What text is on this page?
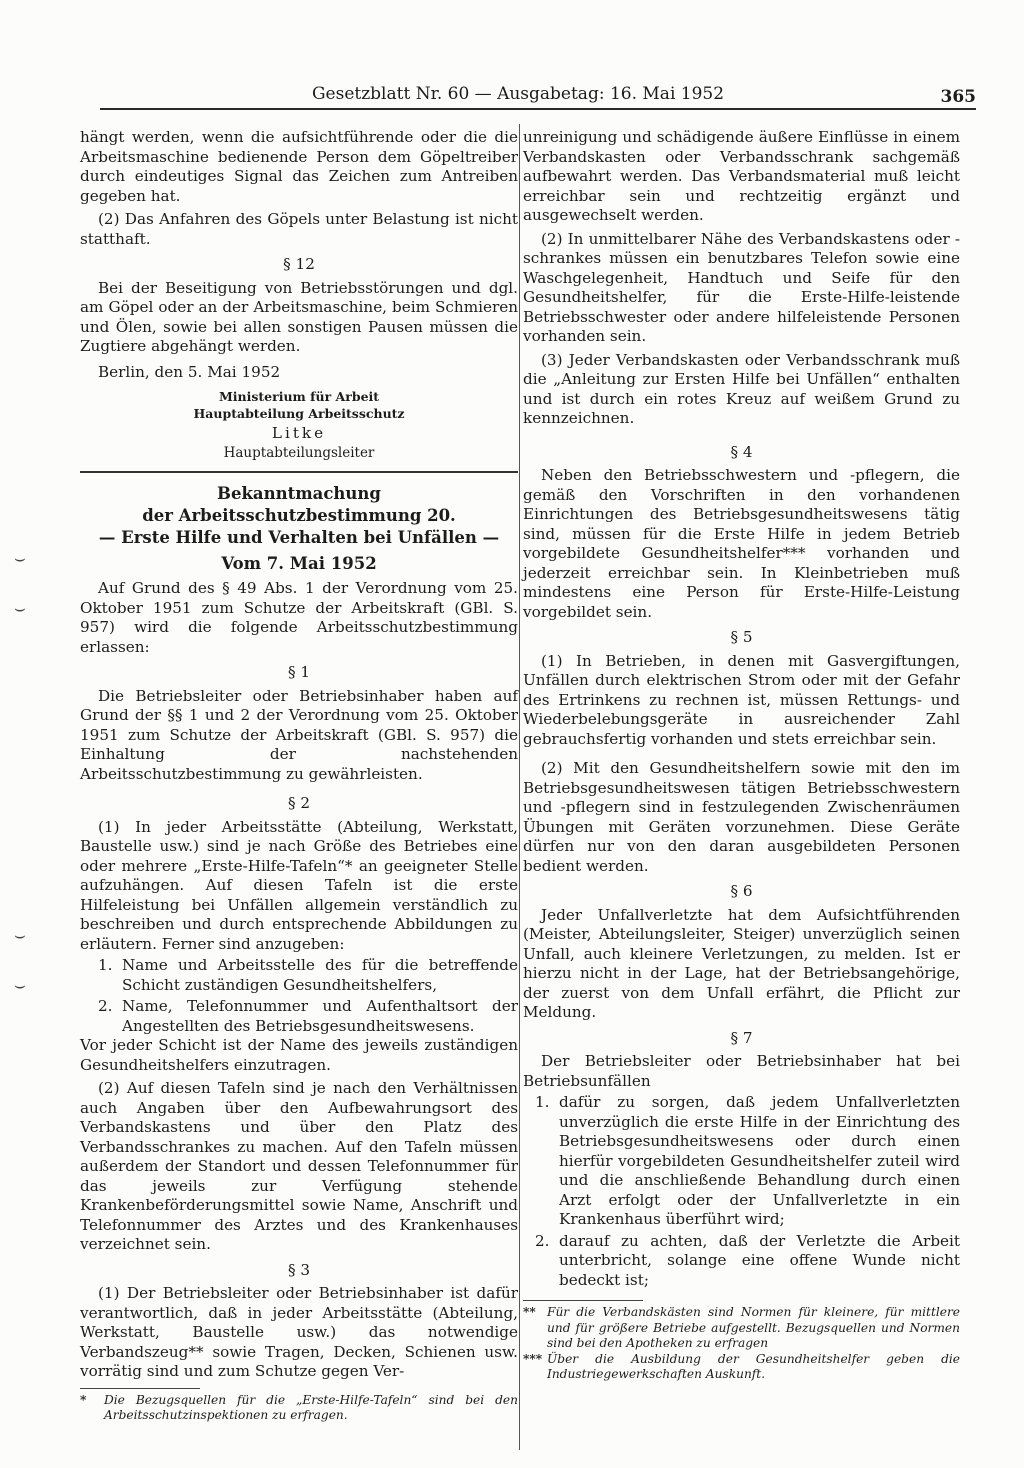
Gesetzblatt Nr. 60 — Ausgabetag: 16. Mai 1952	365
⌣
⌣
⌣
⌣

hängt werden, wenn die aufsichtführende oder die die Arbeitsmaschine bedienende Person dem Göpeltreiber durch eindeutiges Signal das Zeichen zum Antreiben gegeben hat.

(2) Das Anfahren des Göpels unter Belastung ist nicht statthaft.

§ 12

Bei der Beseitigung von Betriebsstörungen und dgl. am Göpel oder an der Arbeitsmaschine, beim Schmieren und Ölen, sowie bei allen sonstigen Pausen müssen die Zugtiere abgehängt werden.

Berlin, den 5. Mai 1952

Ministerium für Arbeit
Hauptabteilung Arbeitsschutz
Litke
Hauptabteilungsleiter
Bekanntmachung
der Arbeitsschutzbestimmung 20.
— Erste Hilfe und Verhalten bei Unfällen —
Vom 7. Mai 1952

Auf Grund des § 49 Abs. 1 der Verordnung vom 25. Oktober 1951 zum Schutze der Arbeitskraft (GBl. S. 957) wird die folgende Arbeitsschutzbestimmung erlassen:

§ 1

Die Betriebsleiter oder Betriebsinhaber haben auf Grund der §§ 1 und 2 der Verordnung vom 25. Oktober 1951 zum Schutze der Arbeitskraft (GBl. S. 957) die Einhaltung der nachstehenden Arbeitsschutzbestimmung zu gewährleisten.

§ 2

(1) In jeder Arbeitsstätte (Abteilung, Werkstatt, Baustelle usw.) sind je nach Größe des Betriebes eine oder mehrere „Erste-Hilfe-Tafeln“* an geeigneter Stelle aufzuhängen. Auf diesen Tafeln ist die erste Hilfeleistung bei Unfällen allgemein verständlich zu beschreiben und durch entsprechende Abbildungen zu erläutern. Ferner sind anzugeben:

1. Name und Arbeitsstelle des für die betreffende Schicht zuständigen Gesundheitshelfers,
2. Name, Telefonnummer und Aufenthaltsort der Angestellten des Betriebsgesundheitswesens.

Vor jeder Schicht ist der Name des jeweils zuständigen Gesundheitshelfers einzutragen.

(2) Auf diesen Tafeln sind je nach den Verhältnissen auch Angaben über den Aufbewahrungsort des Verbandskastens und über den Platz des Verbandsschrankes zu machen. Auf den Tafeln müssen außerdem der Standort und dessen Telefonnummer für das jeweils zur Verfügung stehende Krankenbeförderungsmittel sowie Name, Anschrift und Telefonnummer des Arztes und des Krankenhauses verzeichnet sein.

§ 3

(1) Der Betriebsleiter oder Betriebsinhaber ist dafür verantwortlich, daß in jeder Arbeitsstätte (Abteilung, Werkstatt, Baustelle usw.) das notwendige Verbandszeug** sowie Tragen, Decken, Schienen usw. vorrätig sind und zum Schutze gegen Ver-

*	Die Bezugsquellen für die „Erste-Hilfe-Tafeln“ sind bei den Arbeitsschutzinspektionen zu erfragen.

unreinigung und schädigende äußere Einflüsse in einem Verbandskasten oder Verbandsschrank sachgemäß aufbewahrt werden. Das Verbandsmaterial muß leicht erreichbar sein und rechtzeitig ergänzt und ausgewechselt werden.

(2) In unmittelbarer Nähe des Verbandskastens oder -schrankes müssen ein benutzbares Telefon sowie eine Waschgelegenheit, Handtuch und Seife für den Gesundheitshelfer, für die Erste-Hilfe-leistende Betriebsschwester oder andere hilfeleistende Personen vorhanden sein.

(3) Jeder Verbandskasten oder Verbandsschrank muß die „Anleitung zur Ersten Hilfe bei Unfällen“ enthalten und ist durch ein rotes Kreuz auf weißem Grund zu kennzeichnen.

§ 4

Neben den Betriebsschwestern und -pflegern, die gemäß den Vorschriften in den vorhandenen Einrichtungen des Betriebsgesundheitswesens tätig sind, müssen für die Erste Hilfe in jedem Betrieb vorgebildete Gesundheitshelfer*** vorhanden und jederzeit erreichbar sein. In Kleinbetrieben muß mindestens eine Person für Erste-Hilfe-Leistung vorgebildet sein.

§ 5

(1) In Betrieben, in denen mit Gasvergiftungen, Unfällen durch elektrischen Strom oder mit der Gefahr des Ertrinkens zu rechnen ist, müssen Rettungs- und Wiederbelebungsgeräte in ausreichender Zahl gebrauchsfertig vorhanden und stets erreichbar sein.

(2) Mit den Gesundheitshelfern sowie mit den im Betriebsgesundheitswesen tätigen Betriebsschwestern und -pflegern sind in festzulegenden Zwischenräumen Übungen mit Geräten vorzunehmen. Diese Geräte dürfen nur von den daran ausgebildeten Personen bedient werden.

§ 6

Jeder Unfallverletzte hat dem Aufsichtführenden (Meister, Abteilungsleiter, Steiger) unverzüglich seinen Unfall, auch kleinere Verletzungen, zu melden. Ist er hierzu nicht in der Lage, hat der Betriebsangehörige, der zuerst von dem Unfall erfährt, die Pflicht zur Meldung.

§ 7

Der Betriebsleiter oder Betriebsinhaber hat bei Betriebsunfällen

1. dafür zu sorgen, daß jedem Unfallverletzten unverzüglich die erste Hilfe in der Einrichtung des Betriebsgesundheitswesens oder durch einen hierfür vorgebildeten Gesundheitshelfer zuteil wird und die anschließende Behandlung durch einen Arzt erfolgt oder der Unfallverletzte in ein Krankenhaus überführt wird;
2. darauf zu achten, daß der Verletzte die Arbeit unterbricht, solange eine offene Wunde nicht bedeckt ist;
** Für die Verbandskästen sind Normen für kleinere, für mittlere und für größere Betriebe aufgestellt. Bezugsquellen und Normen sind bei den Apotheken zu erfragen
*** Über die Ausbildung der Gesundheitshelfer geben die Industriegewerkschaften Auskunft.
